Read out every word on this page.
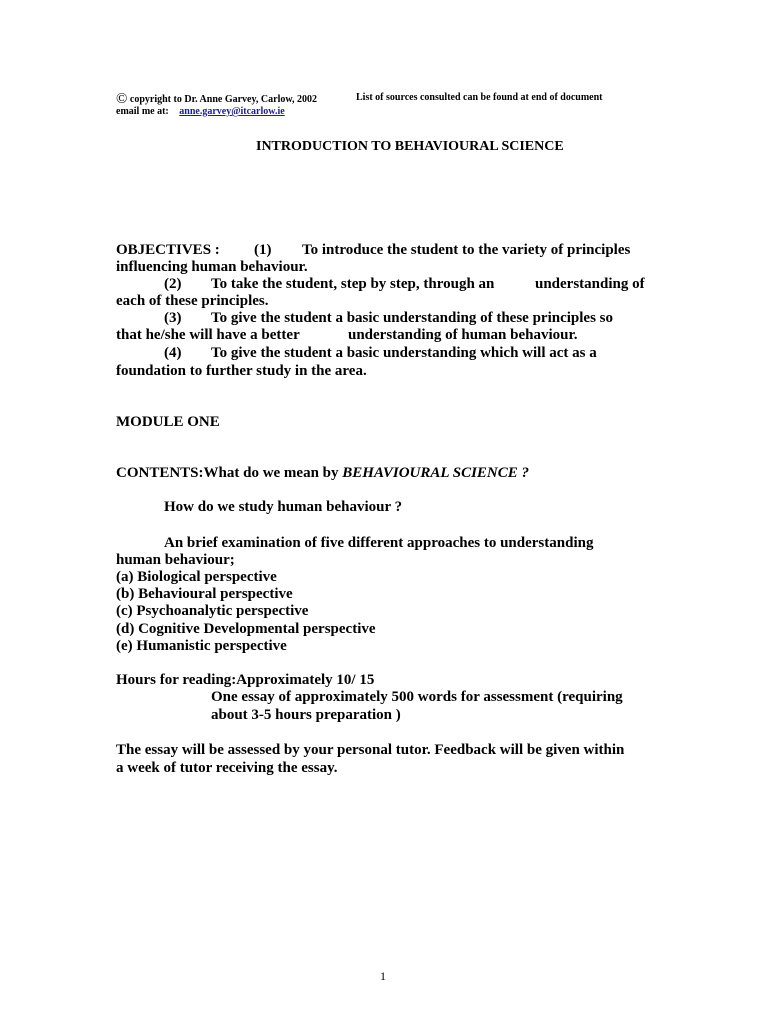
© copyright to Dr. Anne Garvey, Carlow, 2002	List of sources consulted can be found at end of document
email me at: anne.garvey@itcarlow.ie
INTRODUCTION TO BEHAVIOURAL SCIENCE
OBJECTIVES : (1) To introduce the student to the variety of principles
influencing human behaviour.
(2) To take the student, step by step, through an	understanding of
each of these principles.
(3) To give the student a basic understanding of these principles so
that he/she will have a better	understanding of human behaviour.
(4) To give the student a basic understanding which will act as a
foundation to further study in the area.
MODULE ONE
CONTENTS:What do we mean by BEHAVIOURAL SCIENCE ?
How do we study human behaviour ?
An brief examination of five different approaches to understanding
human behaviour;
(a) Biological perspective
(b) Behavioural perspective
(c) Psychoanalytic perspective
(d) Cognitive Developmental perspective
(e) Humanistic perspective
Hours for reading:Approximately 10/ 15
One essay of approximately 500 words for assessment (requiring
about 3-5 hours preparation )
The essay will be assessed by your personal tutor. Feedback will be given within
a week of tutor receiving the essay.
1
